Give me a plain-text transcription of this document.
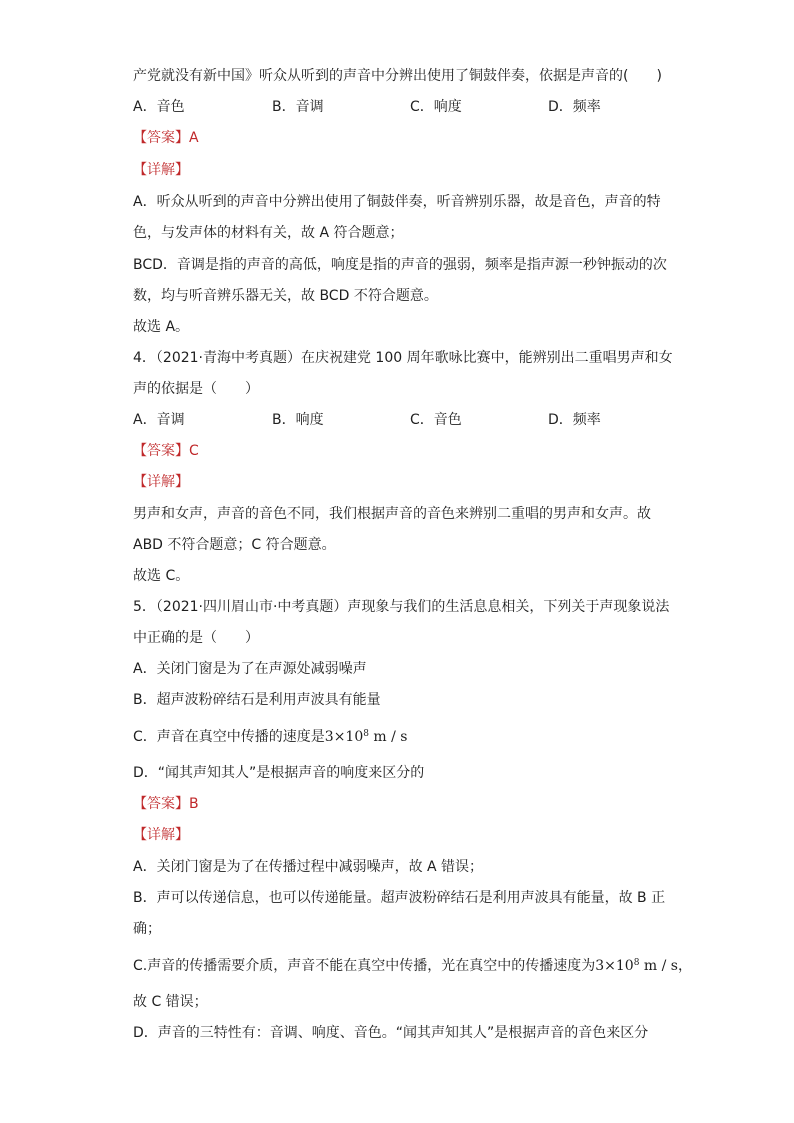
产党就没有新中国》听众从听到的声音中分辨出使用了铜鼓伴奏，依据是声音的(　　)
A．音色	B．音调	C．响度	D．频率
【答案】A
【详解】
A．听众从听到的声音中分辨出使用了铜鼓伴奏，听音辨别乐器，故是音色，声音的特
色，与发声体的材料有关，故 A 符合题意；
BCD．音调是指的声音的高低，响度是指的声音的强弱，频率是指声源一秒钟振动的次
数，均与听音辨乐器无关，故 BCD 不符合题意。
故选 A。
4．（2021·青海中考真题）在庆祝建党 100 周年歌咏比赛中，能辨别出二重唱男声和女
声的依据是（　　）
A．音调	B．响度	C．音色	D．频率
【答案】C
【详解】
男声和女声，声音的音色不同，我们根据声音的音色来辨别二重唱的男声和女声。故
ABD 不符合题意；C 符合题意。
故选 C。
5．（2021·四川眉山市·中考真题）声现象与我们的生活息息相关，下列关于声现象说法
中正确的是（　　）
A．关闭门窗是为了在声源处减弱噪声
B．超声波粉碎结石是利用声波具有能量
C．声音在真空中传播的速度是$3\times 10^8$ m / s
D．“闻其声知其人”是根据声音的响度来区分的
【答案】B
【详解】
A．关闭门窗是为了在传播过程中减弱噪声，故 A 错误；
B．声可以传递信息，也可以传递能量。超声波粉碎结石是利用声波具有能量，故 B 正
确；
C.声音的传播需要介质，声音不能在真空中传播，光在真空中的传播速度为$3\times 10^8$ m / s，
故 C 错误；
D．声音的三特性有：音调、响度、音色。“闻其声知其人”是根据声音的音色来区分
